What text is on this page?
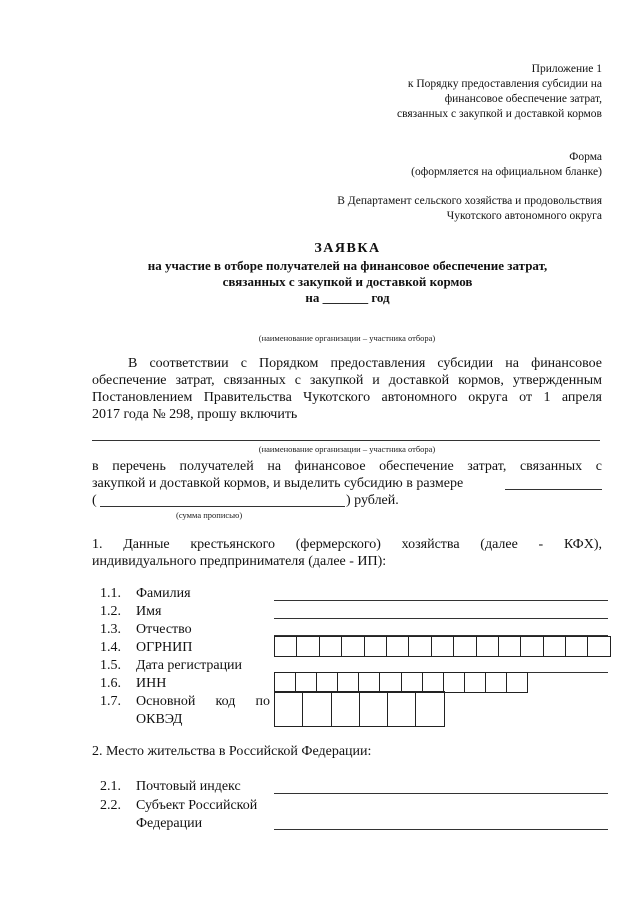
Приложение 1
к Порядку предоставления субсидии на
финансовое обеспечение затрат,
связанных с закупкой и доставкой кормов
Форма
(оформляется на официальном бланке)
В Департамент сельского хозяйства и продовольствия
Чукотского автономного округа
ЗАЯВКА
на участие в отборе получателей на финансовое обеспечение затрат,
связанных с закупкой и доставкой кормов
на _______ год
(наименование организации – участника отбора)
В соответствии с Порядком предоставления субсидии на финансовое
обеспечение затрат, связанных с закупкой и доставкой кормов, утвержденным
Постановлением Правительства Чукотского автономного округа от 1 апреля
2017 года № 298, прошу включить
(наименование организации – участника отбора)
в перечень получателей на финансовое обеспечение затрат, связанных с
закупкой и доставкой кормов, и выделить субсидию в размере
(	) рублей.
(сумма прописью)
1. Данные крестьянского (фермерского) хозяйства (далее - КФХ),
индивидуального предпринимателя (далее - ИП):
1.1. Фамилия
1.2. Имя
1.3. Отчество
1.4. ОГРНИП
1.5. Дата регистрации
1.6. ИНН
1.7. Основной код по
ОКВЭД
2. Место жительства в Российской Федерации:
2.1. Почтовый индекс
2.2. Субъект Российской
Федерации
